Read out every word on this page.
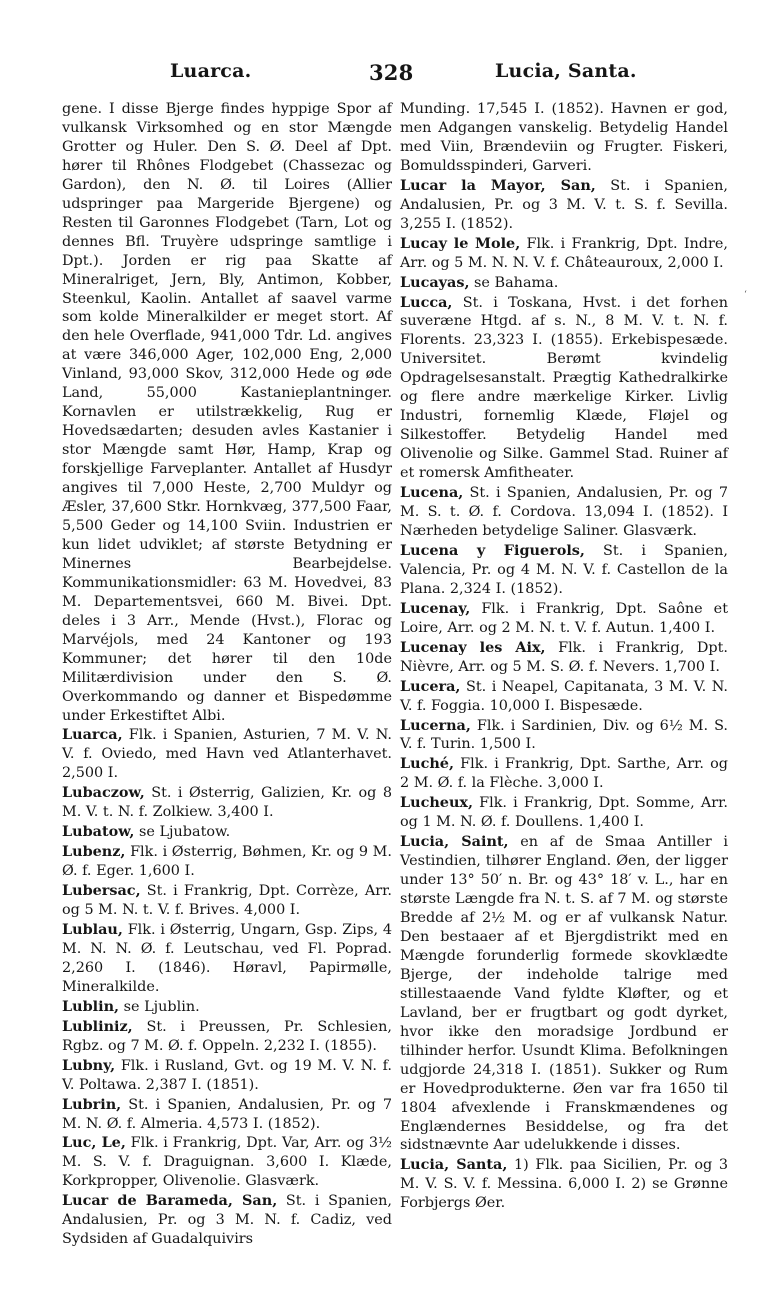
Luarca.	328	Lucia, Santa.

gene. I disse Bjerge findes hyppige Spor af vulkansk Virksomhed og en stor Mængde Grotter og Huler. Den S. Ø. Deel af Dpt. hører til Rhônes Flodgebet (Chassezac og Gardon), den N. Ø. til Loires (Allier udspringer paa Margeride Bjergene) og Resten til Garonnes Flodgebet (Tarn, Lot og dennes Bfl. Truyère udspringe samtlige i Dpt.). Jorden er rig paa Skatte af Mineralriget, Jern, Bly, Antimon, Kobber, Steenkul, Kaolin. Antallet af saavel varme som kolde Mineralkilder er meget stort. Af den hele Overflade, 941,000 Tdr. Ld. angives at være 346,000 Ager, 102,000 Eng, 2,000 Vinland, 93,000 Skov, 312,000 Hede og øde Land, 55,000 Kastanieplantninger. Kornavlen er utilstrækkelig, Rug er Hovedsædarten; desuden avles Kastanier i stor Mængde samt Hør, Hamp, Krap og forskjellige Farveplanter. Antallet af Husdyr angives til 7,000 Heste, 2,700 Muldyr og Æsler, 37,600 Stkr. Hornkvæg, 377,500 Faar, 5,500 Geder og 14,100 Sviin. Industrien er kun lidet udviklet; af største Betydning er Minernes Bearbejdelse. Kommunikationsmidler: 63 M. Hovedvei, 83 M. Departementsvei, 660 M. Bivei. Dpt. deles i 3 Arr., Mende (Hvst.), Florac og Marvéjols, med 24 Kantoner og 193 Kommuner; det hører til den 10de Militærdivision under den S. Ø. Overkommando og danner et Bispedømme under Erkestiftet Albi.

Luarca, Flk. i Spanien, Asturien, 7 M. V. N. V. f. Oviedo, med Havn ved Atlanterhavet. 2,500 I.

Lubaczow, St. i Østerrig, Galizien, Kr. og 8 M. V. t. N. f. Zolkiew. 3,400 I.

Lubatow, se Ljubatow.

Lubenz, Flk. i Østerrig, Bøhmen, Kr. og 9 M. Ø. f. Eger. 1,600 I.

Lubersac, St. i Frankrig, Dpt. Corrèze, Arr. og 5 M. N. t. V. f. Brives. 4,000 I.

Lublau, Flk. i Østerrig, Ungarn, Gsp. Zips, 4 M. N. N. Ø. f. Leutschau, ved Fl. Poprad. 2,260 I. (1846). Høravl, Papirmølle, Mineralkilde.

Lublin, se Ljublin.

Lubliniz, St. i Preussen, Pr. Schlesien, Rgbz. og 7 M. Ø. f. Oppeln. 2,232 I. (1855).

Lubny, Flk. i Rusland, Gvt. og 19 M. V. N. f. V. Poltawa. 2,387 I. (1851).

Lubrin, St. i Spanien, Andalusien, Pr. og 7 M. N. Ø. f. Almeria. 4,573 I. (1852).

Luc, Le, Flk. i Frankrig, Dpt. Var, Arr. og 3½ M. S. V. f. Draguignan. 3,600 I. Klæde, Korkpropper, Olivenolie. Glasværk.

Lucar de Barameda, San, St. i Spanien, Andalusien, Pr. og 3 M. N. f. Cadiz, ved Sydsiden af Guadalquivirs

Munding. 17,545 I. (1852). Havnen er god, men Adgangen vanskelig. Betydelig Handel med Viin, Brændeviin og Frugter. Fiskeri, Bomuldsspinderi, Garveri.

Lucar la Mayor, San, St. i Spanien, Andalusien, Pr. og 3 M. V. t. S. f. Sevilla. 3,255 I. (1852).

Lucay le Mole, Flk. i Frankrig, Dpt. Indre, Arr. og 5 M. N. N. V. f. Châteauroux, 2,000 I.

Lucayas, se Bahama.

Lucca, St. i Toskana, Hvst. i det forhen suveræne Htgd. af s. N., 8 M. V. t. N. f. Florents. 23,323 I. (1855). Erkebispesæde. Universitet. Berømt kvindelig Opdragelsesanstalt. Prægtig Kathedralkirke og flere andre mærkelige Kirker. Livlig Industri, fornemlig Klæde, Fløjel og Silkestoffer. Betydelig Handel med Olivenolie og Silke. Gammel Stad. Ruiner af et romersk Amfitheater.

Lucena, St. i Spanien, Andalusien, Pr. og 7 M. S. t. Ø. f. Cordova. 13,094 I. (1852). I Nærheden betydelige Saliner. Glasværk.

Lucena y Figuerols, St. i Spanien, Valencia, Pr. og 4 M. N. V. f. Castellon de la Plana. 2,324 I. (1852).

Lucenay, Flk. i Frankrig, Dpt. Saône et Loire, Arr. og 2 M. N. t. V. f. Autun. 1,400 I.

Lucenay les Aix, Flk. i Frankrig, Dpt. Nièvre, Arr. og 5 M. S. Ø. f. Nevers. 1,700 I.

Lucera, St. i Neapel, Capitanata, 3 M. V. N. V. f. Foggia. 10,000 I. Bispesæde.

Lucerna, Flk. i Sardinien, Div. og 6½ M. S. V. f. Turin. 1,500 I.

Luché, Flk. i Frankrig, Dpt. Sarthe, Arr. og 2 M. Ø. f. la Flèche. 3,000 I.

Lucheux, Flk. i Frankrig, Dpt. Somme, Arr. og 1 M. N. Ø. f. Doullens. 1,400 I.

Lucia, Saint, en af de Smaa Antiller i Vestindien, tilhører England. Øen, der ligger under 13° 50′ n. Br. og 43° 18′ v. L., har en største Længde fra N. t. S. af 7 M. og største Bredde af 2½ M. og er af vulkansk Natur. Den bestaaer af et Bjergdistrikt med en Mængde forunderlig formede skovklædte Bjerge, der indeholde talrige med stillestaaende Vand fyldte Kløfter, og et Lavland, ber er frugtbart og godt dyrket, hvor ikke den moradsige Jordbund er tilhinder herfor. Usundt Klima. Befolkningen udgjorde 24,318 I. (1851). Sukker og Rum er Hovedprodukterne. Øen var fra 1650 til 1804 afvexlende i Franskmændenes og Englændernes Besiddelse, og fra det sidstnævnte Aar udelukkende i disses.

Lucia, Santa, 1) Flk. paa Sicilien, Pr. og 3 M. V. S. V. f. Messina. 6,000 I. 2) se Grønne Forbjergs Øer.

‘
